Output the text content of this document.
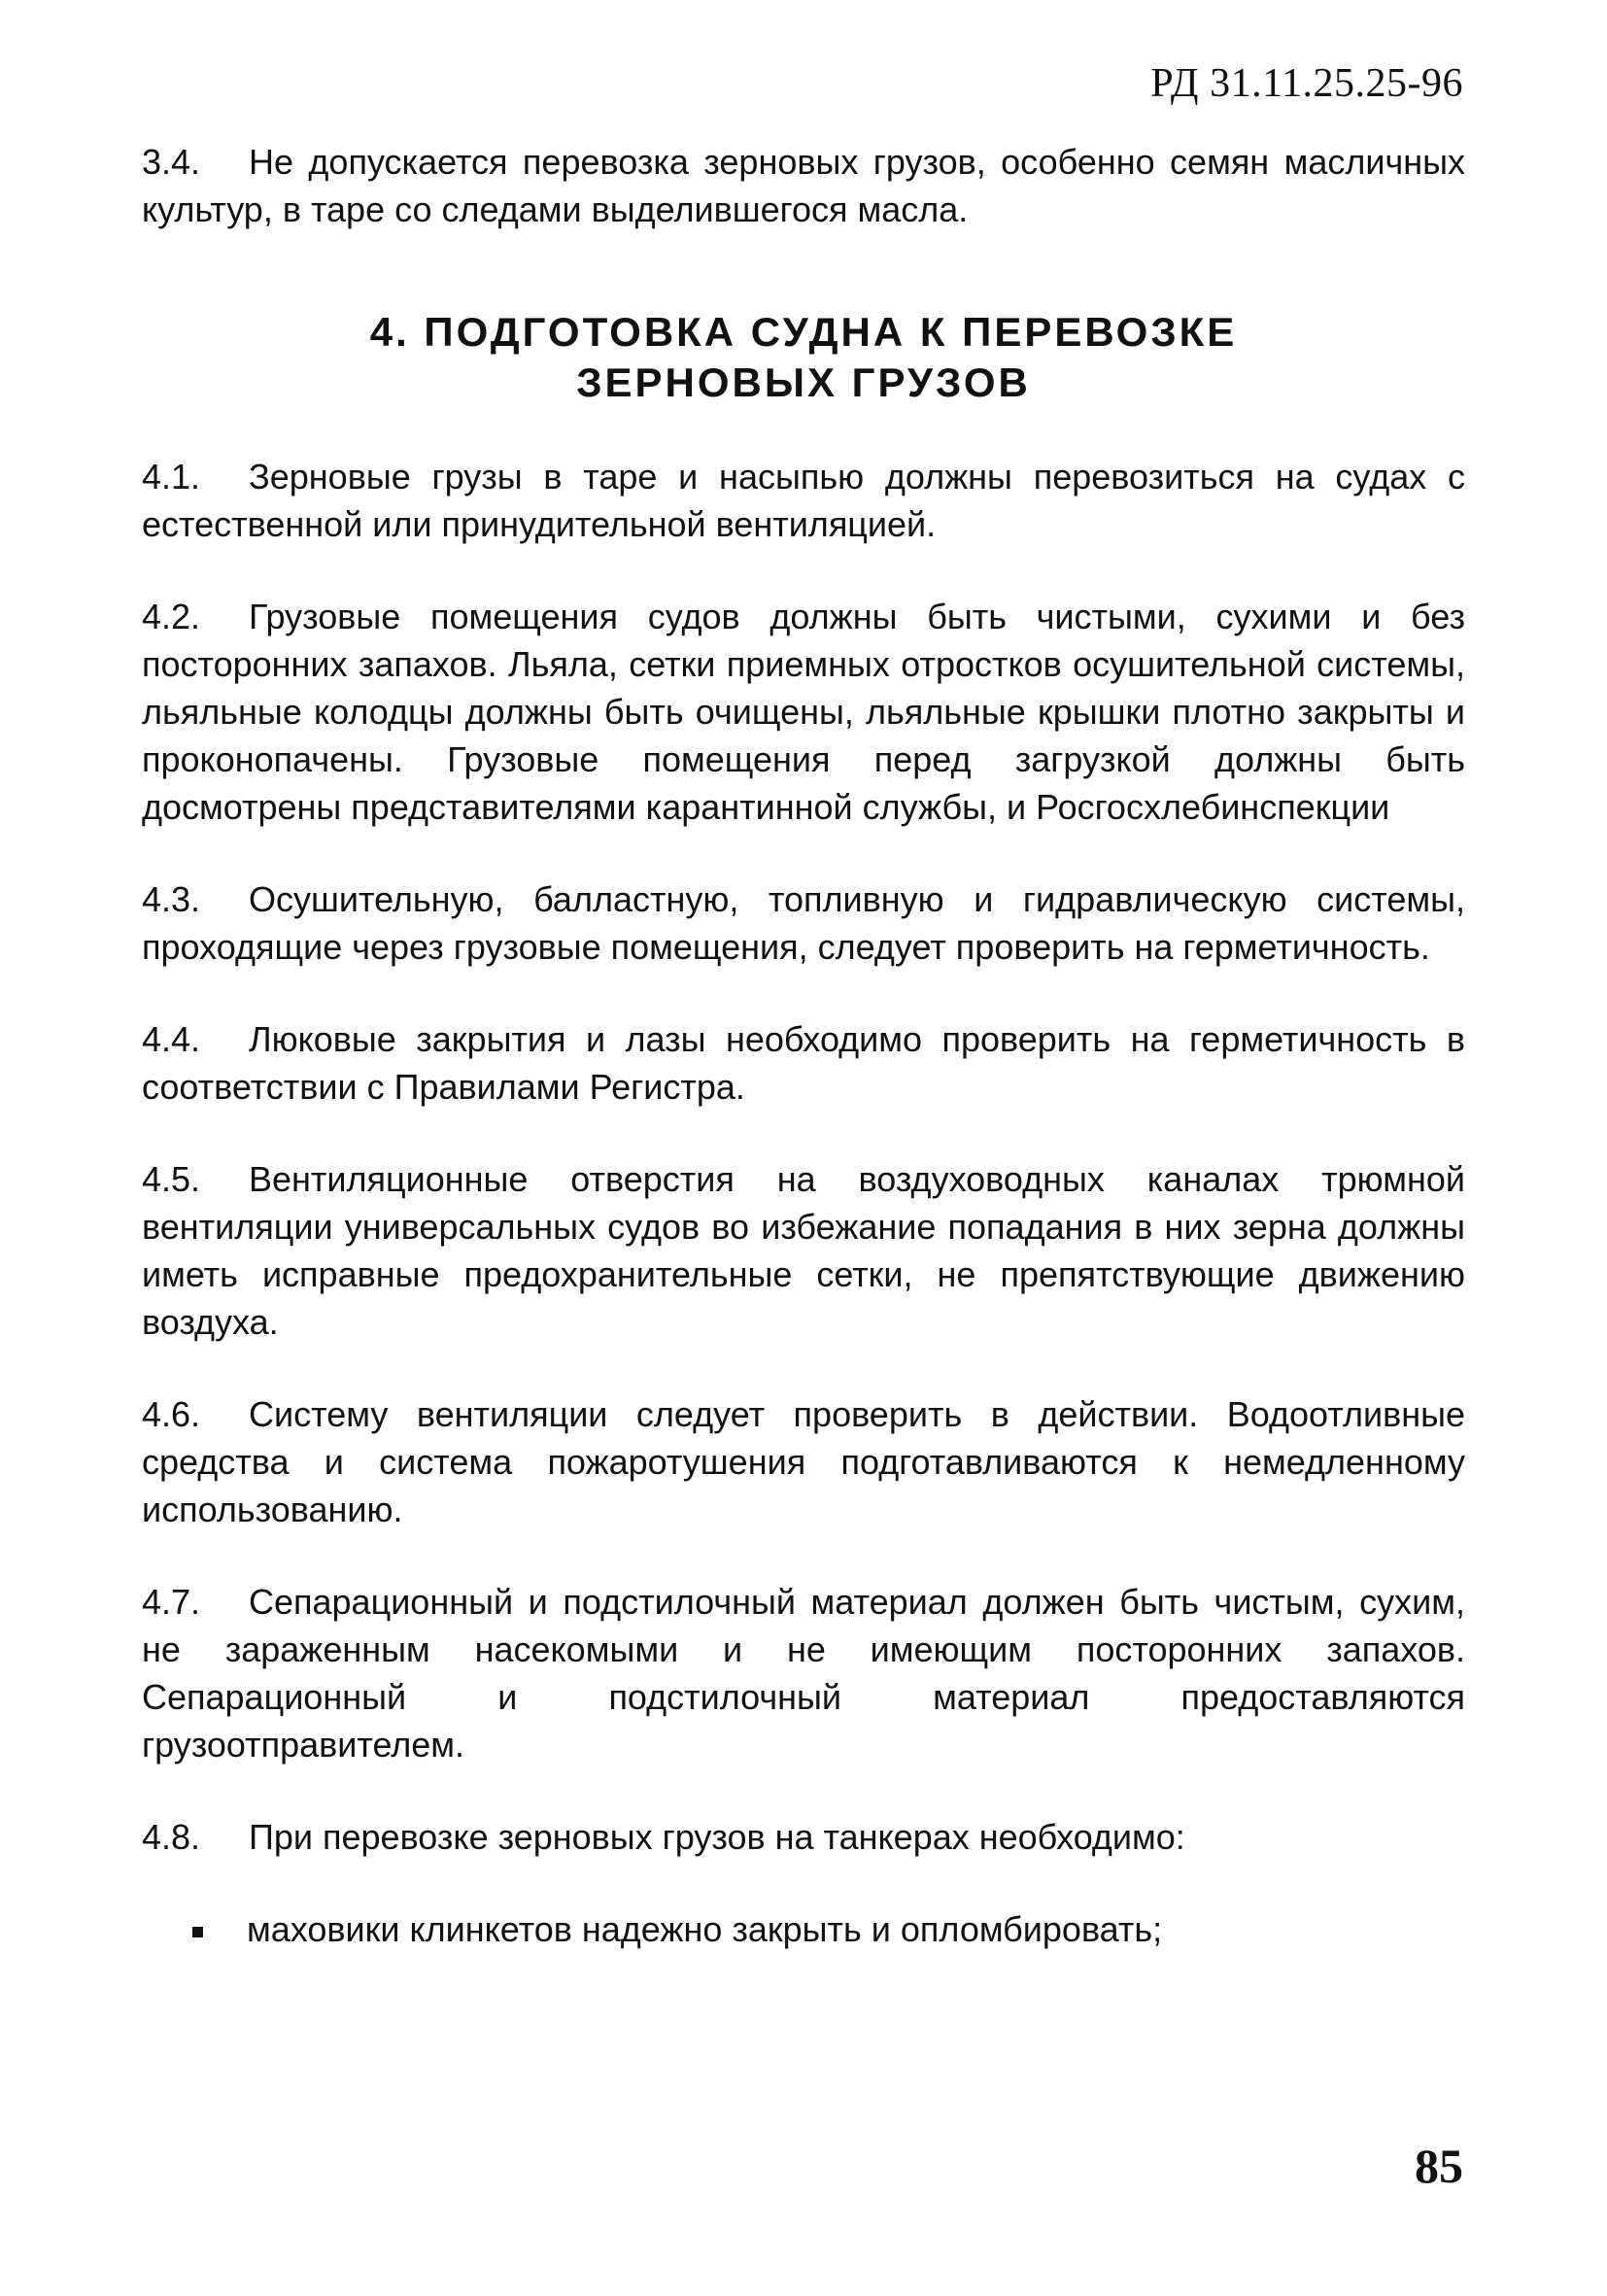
РД 31.11.25.25-96

3.4. Не допускается перевозка зерновых грузов, особенно семян масличных культур, в таре со следами выделившегося масла.

4. ПОДГОТОВКА СУДНА К ПЕРЕВОЗКЕ
ЗЕРНОВЫХ ГРУЗОВ

4.1. Зерновые грузы в таре и насыпью должны перевозиться на судах с естественной или принудительной вентиляцией.

4.2. Грузовые помещения судов должны быть чистыми, сухими и без посторонних запахов. Льяла, сетки приемных отростков осушительной системы, льяльные колодцы должны быть очищены, льяльные крышки плотно закрыты и проконопачены. Грузовые помещения перед загрузкой должны быть досмотрены представителями карантинной службы, и Росгосхлебинспекции

4.3. Осушительную, балластную, топливную и гидравлическую системы, проходящие через грузовые помещения, следует проверить на герметичность.

4.4. Люковые закрытия и лазы необходимо проверить на герметичность в соответствии с Правилами Регистра.

4.5. Вентиляционные отверстия на воздуховодных каналах трюмной вентиляции универсальных судов во избежание попадания в них зерна должны иметь исправные предохранительные сетки, не препятствующие движению воздуха.

4.6. Систему вентиляции следует проверить в действии. Водоотливные средства и система пожаротушения подготавливаются к немедленному использованию.

4.7. Сепарационный и подстилочный материал должен быть чистым, сухим, не зараженным насекомыми и не имеющим посторонних запахов. Сепарационный и подстилочный материал предоставляются грузоотправителем.

4.8. При перевозке зерновых грузов на танкерах необходимо:

маховики клинкетов надежно закрыть и опломбировать;

85
